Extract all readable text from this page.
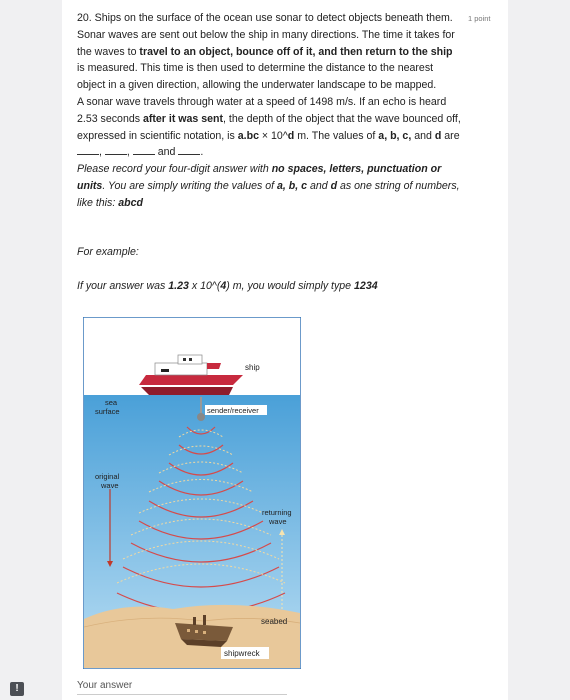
!
1 point

20. Ships on the surface of the ocean use sonar to detect objects beneath them. Sonar waves are sent out below the ship in many directions. The time it takes for the waves to travel to an object, bounce off of it, and then return to the ship is measured. This time is then used to determine the distance to the nearest object in a given direction, allowing the underwater landscape to be mapped.

A sonar wave travels through water at a speed of 1498 m/s. If an echo is heard 2.53 seconds after it was sent, the depth of the object that the wave bounced off, expressed in scientific notation, is a.bc × 10^d m. The values of a, b, c, and d are , ,  and .

Please record your four-digit answer with no spaces, letters, punctuation or units. You are simply writing the values of a, b, c and d as one string of numbers, like this: abcd

For example:
If your answer was 1.23 x 10^(4) m, you would simply type 1234
ship
sea
surface	sender/receiver
original
wave
returning
wave
seabed
shipwreck
Your answer
